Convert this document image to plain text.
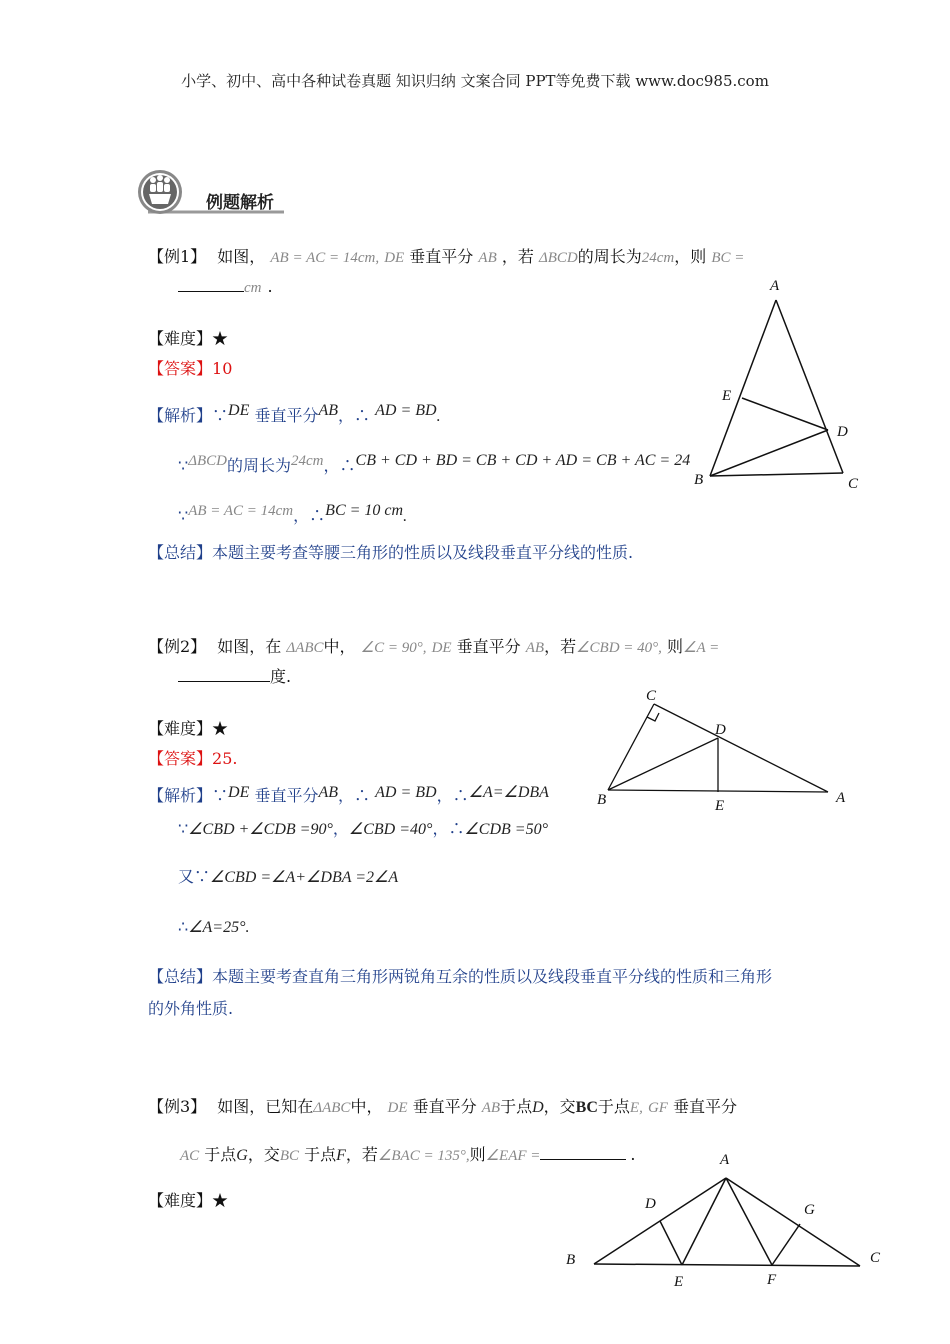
小学、初中、高中各种试卷真题 知识归纳 文案合同 PPT等免费下载 www.doc985.com
例题解析
【例1】 如图， AB = AC = 14cm, DE 垂直平分 AB ，若 ΔBCD的周长为24cm，则 BC =
cm .
【难度】★
【答案】10
【解析】∵DE 垂直平分AB，∴ AD = BD.
∵ΔBCD的周长为24cm，∴CB + CD + BD = CB + CD + AD = CB + AC = 24
∵AB = AC = 14cm，∴BC = 10 cm.
【总结】本题主要考查等腰三角形的性质以及线段垂直平分线的性质.
A
E
D
B	C
【例2】 如图，在 ΔABC中， ∠C = 90°, DE 垂直平分 AB，若∠CBD = 40°, 则∠A =
度.
【难度】★
【答案】25.
【解析】∵DE 垂直平分AB，∴ AD = BD，∴∠A=∠DBA
∵∠CBD +∠CDB =90°，∠CBD =40°，∴∠CDB =50°
又∵∠CBD =∠A+∠DBA =2∠A
∴∠A=25°.
【总结】本题主要考查直角三角形两锐角互余的性质以及线段垂直平分线的性质和三角形
的外角性质.
C
D
B	E	A
【例3】 如图，已知在ΔABC中， DE 垂直平分 AB于点D，交BC于点E, GF 垂直平分
AC 于点G，交BC 于点F，若∠BAC = 135°,则∠EAF =	.
【难度】★
A
D	G
B	C
E	F
